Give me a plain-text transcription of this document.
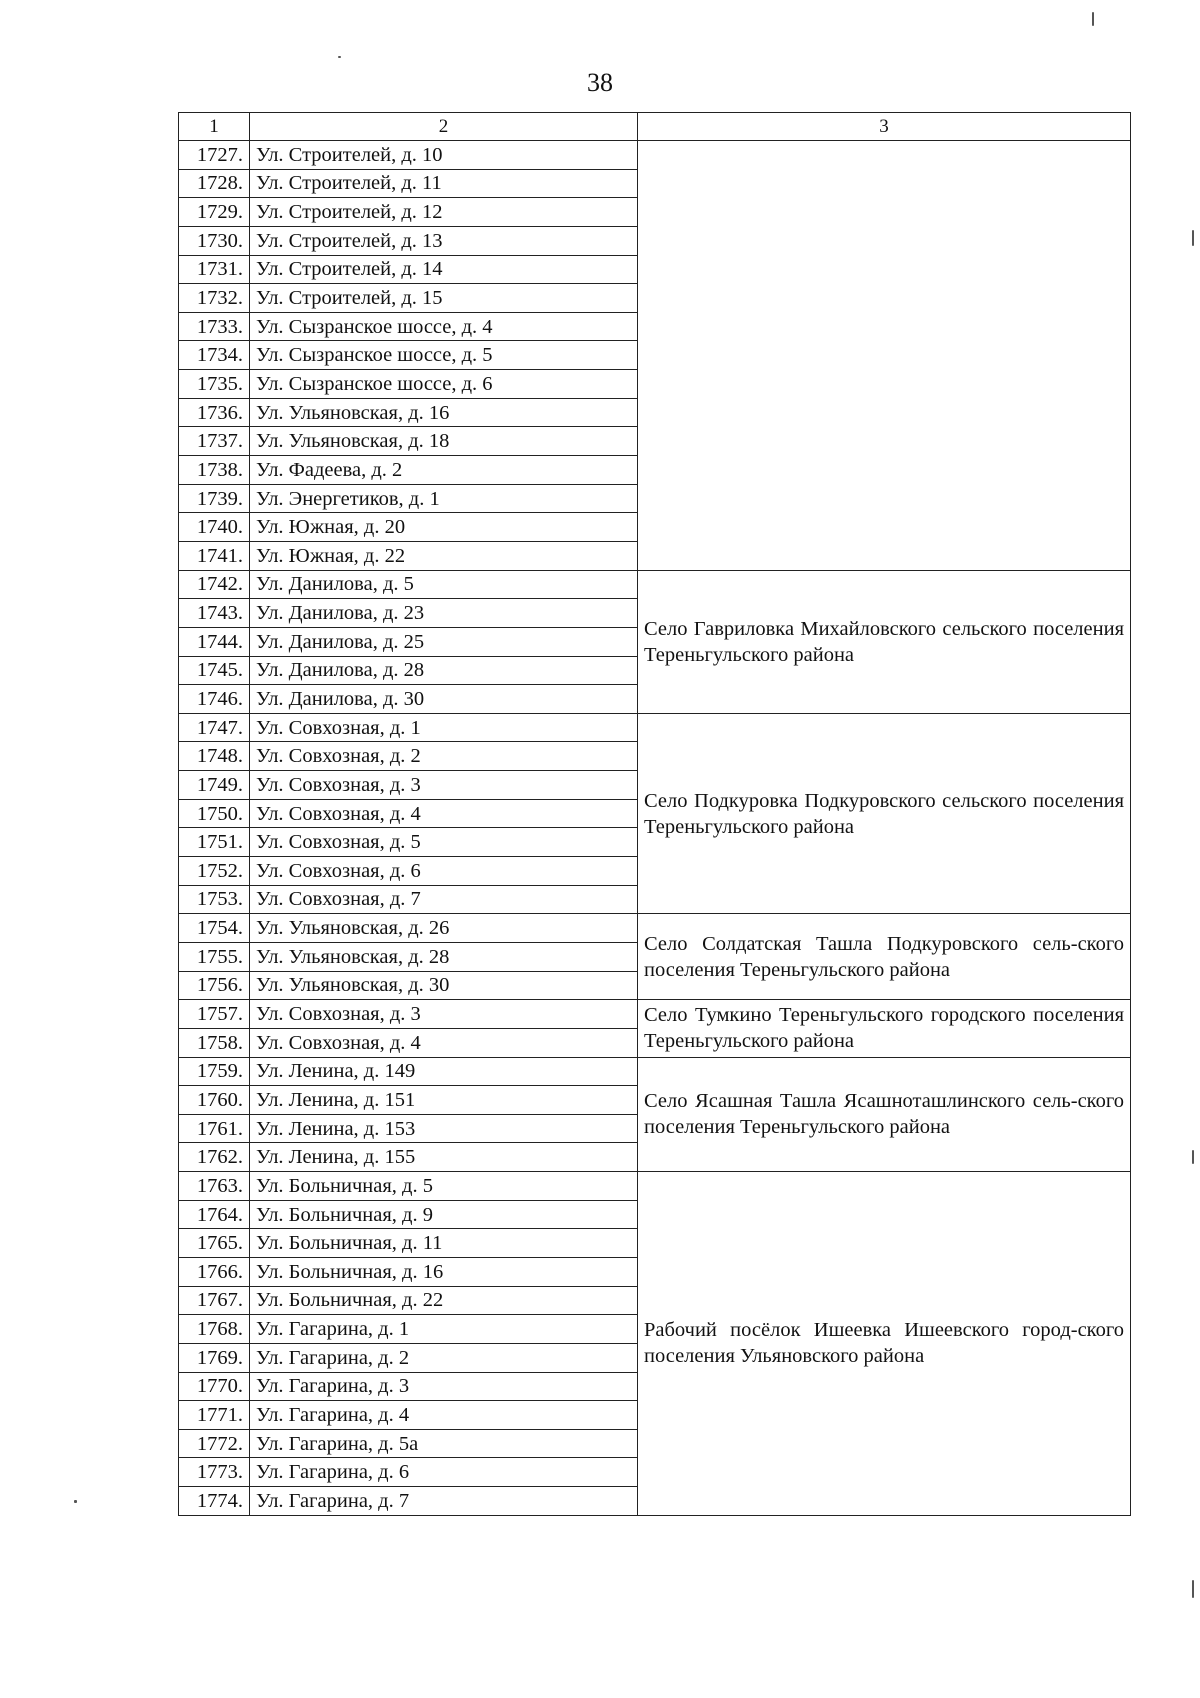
38
1	2	3
1727.	Ул. Строителей, д. 10	
1728.	Ул. Строителей, д. 11	
1729.	Ул. Строителей, д. 12	
1730.	Ул. Строителей, д. 13	
1731.	Ул. Строителей, д. 14	
1732.	Ул. Строителей, д. 15	
1733.	Ул. Сызранское шоссе, д. 4	
1734.	Ул. Сызранское шоссе, д. 5	
1735.	Ул. Сызранское шоссе, д. 6	
1736.	Ул. Ульяновская, д. 16	
1737.	Ул. Ульяновская, д. 18	
1738.	Ул. Фадеева, д. 2	
1739.	Ул. Энергетиков, д. 1	
1740.	Ул. Южная, д. 20	
1741.	Ул. Южная, д. 22	
1742.	Ул. Данилова, д. 5	Село Гавриловка Михайловского сельского поселения Тереньгульского района
1743.	Ул. Данилова, д. 23	
1744.	Ул. Данилова, д. 25	
1745.	Ул. Данилова, д. 28	
1746.	Ул. Данилова, д. 30	
1747.	Ул. Совхозная, д. 1	Село Подкуровка Подкуровского сельского поселения Тереньгульского района
1748.	Ул. Совхозная, д. 2	
1749.	Ул. Совхозная, д. 3	
1750.	Ул. Совхозная, д. 4	
1751.	Ул. Совхозная, д. 5	
1752.	Ул. Совхозная, д. 6	
1753.	Ул. Совхозная, д. 7	
1754.	Ул. Ульяновская, д. 26	Село Солдатская Ташла Подкуровского сель-ского поселения Тереньгульского района
1755.	Ул. Ульяновская, д. 28	
1756.	Ул. Ульяновская, д. 30	
1757.	Ул. Совхозная, д. 3	Село Тумкино Тереньгульского городского поселения Тереньгульского района
1758.	Ул. Совхозная, д. 4	
1759.	Ул. Ленина, д. 149	Село Ясашная Ташла Ясашноташлинского сель-ского поселения Тереньгульского района
1760.	Ул. Ленина, д. 151	
1761.	Ул. Ленина, д. 153	
1762.	Ул. Ленина, д. 155	
1763.	Ул. Больничная, д. 5	Рабочий посёлок Ишеевка Ишеевского город-ского поселения Ульяновского района
1764.	Ул. Больничная, д. 9	
1765.	Ул. Больничная, д. 11	
1766.	Ул. Больничная, д. 16	
1767.	Ул. Больничная, д. 22	
1768.	Ул. Гагарина, д. 1	
1769.	Ул. Гагарина, д. 2	
1770.	Ул. Гагарина, д. 3	
1771.	Ул. Гагарина, д. 4	
1772.	Ул. Гагарина, д. 5а	
1773.	Ул. Гагарина, д. 6	
1774.	Ул. Гагарина, д. 7	
